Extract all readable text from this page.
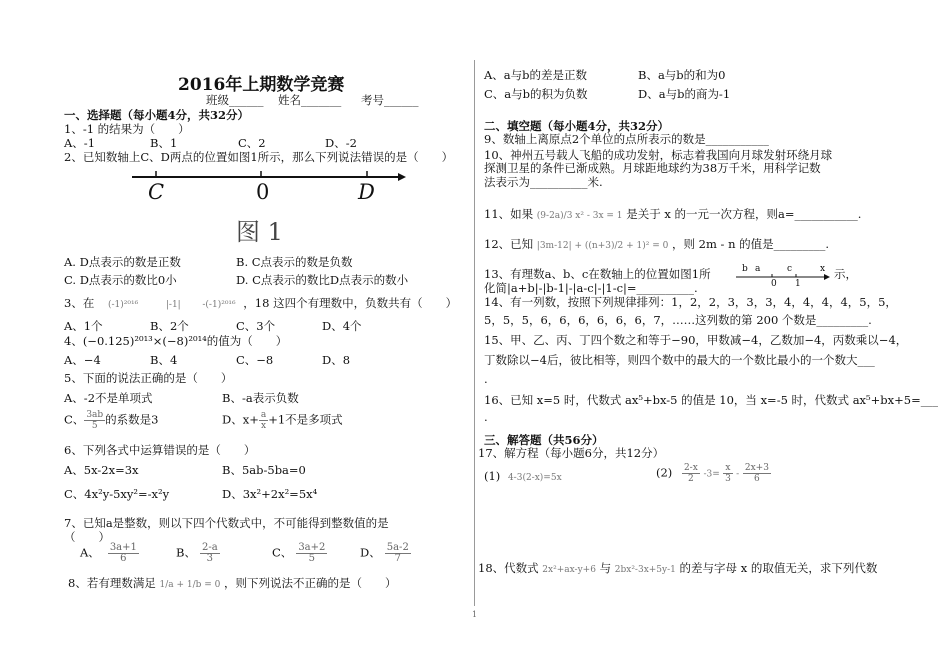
2016年上期数学竞赛
班级______ 姓名_______ 考号______
一、选择题（每小题4分，共32分）
1、-1 的结果为（　　）
A、-1	B、1	C、2	D、-2
2、已知数轴上C、D两点的位置如图1所示，那么下列说法错误的是（　　）
C	0	D
图 1
A. D点表示的数是正数	B. C点表示的数是负数
C. D点表示的数比0小	D. C点表示的数比D点表示的数小
3、在 (-1)²⁰¹⁶	|-1| -(-1)²⁰¹⁶ ，18 这四个有理数中，负数共有（　　）
A、1个	B、2个	C、3个	D、4个
4、(−0.125)²⁰¹³×(−8)²⁰¹⁴的值为（　　）
A、−4	B、4	C、−8	D、8
5、下面的说法正确的是（　　）
A、-2不是单项式	B、-a表示负数
C、 $\frac{3ab}{5}$ 的系数是3	D、$x+ \frac{a}{x} +1$不是多项式
6、下列各式中运算错误的是（　　）
A、5x-2x=3x	B、5ab-5ba=0
C、4x²y-5xy²=-x²y	D、3x²+2x²=5x⁴
7、已知a是整数，则以下四个代数式中，不可能得到整数值的是
（　　）
A、 $\frac{3a+1}{6}$	B、 $\frac{2-a}{3}$	C、 $\frac{3a+2}{5}$	D、 $\frac{5a-2}{7}$
8、若有理数满足 1/a + 1/b = 0 ，则下列说法不正确的是（　　）
A、a与b的差是正数	B、a与b的和为0
C、a与b的积为负数	D、a与b的商为-1
二、填空题（每小题4分，共32分）
9、数轴上离原点2个单位的点所表示的数是___________
10、神州五号载人飞船的成功发射，标志着我国向月球发射环绕月球
探测卫星的条件已渐成熟。月球距地球约为38万千米，用科学记数
法表示为__________米.
11、如果 (9-2a)/3 x² - 3x = 1 是关于 x 的一元一次方程，则a=___________.
12、已知 |3m-12| + ((n+3)/2 + 1)² = 0 ，则 2m - n 的值是_________.
13、有理数a、b、c在数轴上的位置如图1所	b a	c	x
0 1
示，
化简|a+b|-|b-1|-|a-c|-|1-c|=__________.
14、有一列数，按照下列规律排列：1，2，2，3，3，3，4，4，4，4，5，5，
5，5，5，6，6，6，6，6，6，7，……这列数的第 200 个数是_________.
15、甲、乙、丙、丁四个数之和等于−90，甲数减−4，乙数加−4，丙数乘以−4，
丁数除以−4后，彼比相等，则四个数中的最大的一个数比最小的一个数大___
.
16、已知 x=5 时，代数式 ax⁵+bx-5 的值是 10，当 x=-5 时，代数式 ax⁵+bx+5=___
.
三、解答题（共56分）
17、解方程（每小题6分，共12分）
(1) 4-3(2-x)=5x	$(2) \frac{2-x}{2} -3= \frac{x}{3} - \frac{2x+3}{6}$
18、代数式 2x²+ax-y+6 与 2bx²-3x+5y-1 的差与字母 x 的取值无关，求下列代数
1
